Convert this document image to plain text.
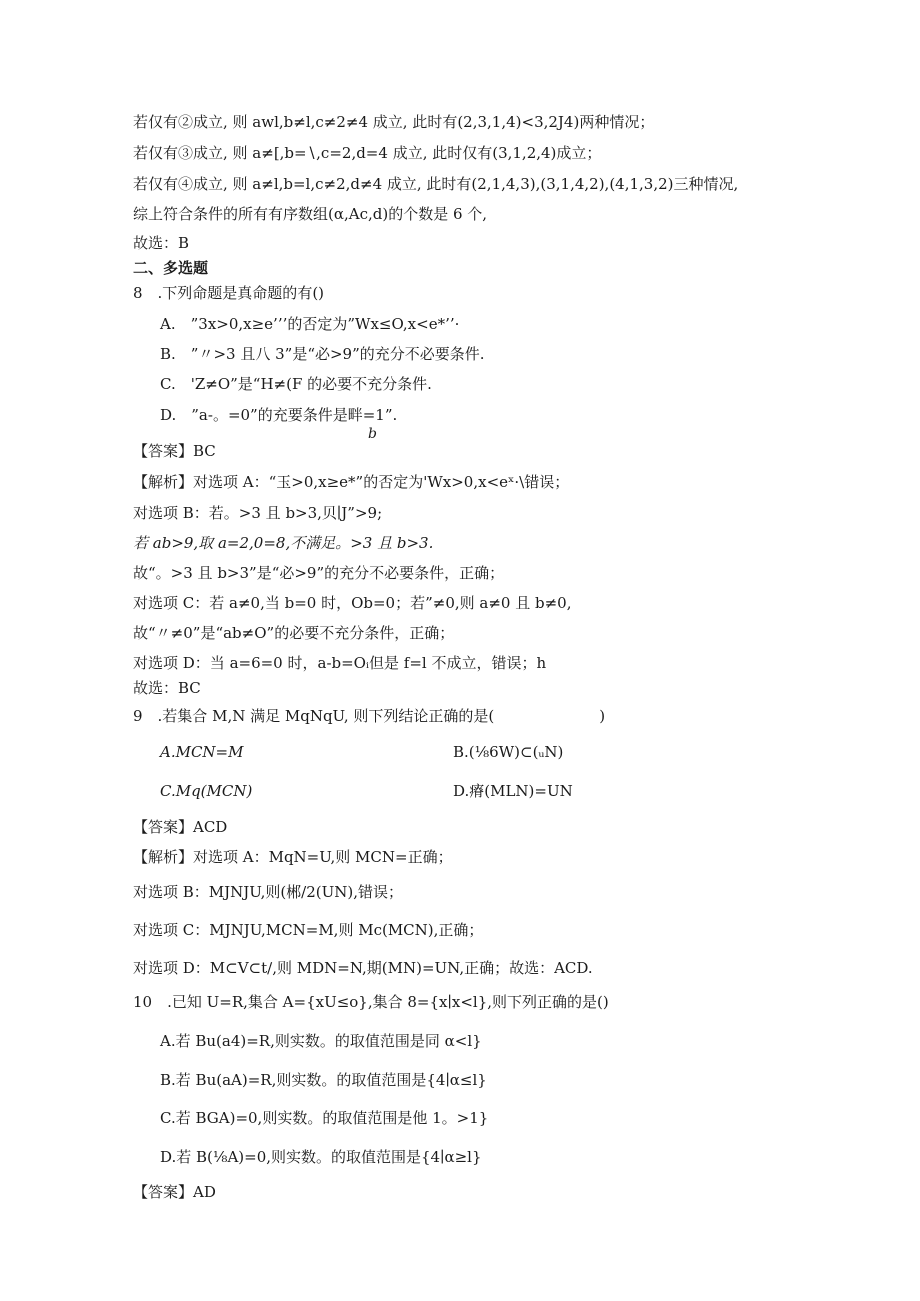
若仅有②成立, 则 awl,b≠l,c≠2≠4 成立, 此时有(2,3,1,4)<3,2J4)两种情况；
若仅有③成立, 则 a≠[,b=∖,c=2,d=4 成立, 此时仅有(3,1,2,4)成立；
若仅有④成立, 则 a≠l,b=l,c≠2,d≠4 成立, 此时有(2,1,4,3),(3,1,4,2),(4,1,3,2)三种情况,
综上符合条件的所有有序数组(α,Ac,d)的个数是 6 个,
故选：B
二、多选题
8　.下列命题是真命题的有()
A.　”3x>0,x≥e’’’的否定为”Wx≤O,x<e*’’·
B.　”〃>3 且八 3”是“必>9”的充分不必要条件.
C.　'Z≠O”是“H≠(F 的必要不充分条件.
D.　”a-。=0”的充要条件是畔=1”.
b
【答案】BC
【解析】对选项 A：“玉>0,x≥e*”的否定为'Wx>0,x<eˣ·\错误；
对选项 B：若。>3 且 b>3,贝∣J”>9;
若 ab>9,取 a=2,0=8,不满足。>3 且 b>3.
故“。>3 且 b>3”是“必>9”的充分不必要条件，正确；
对选项 C：若 a≠0,当 b=0 时，Ob=0；若”≠0,则 a≠0 且 b≠0,
故“〃≠0”是“ab≠O”的必要不充分条件，正确；
对选项 D：当 a=6=0 时，a-b=Oᵢ但是 f=l 不成立，错误；h
故选：BC
9　.若集合 M,N 满足 MqNqU, 则下列结论正确的是(　　　　　　　)
A.MCN=M	B.(⅛6W)⊂(ᵤN)
C.Mq(MCN)	D.瘠(MLN)=UN
【答案】ACD
【解析】对选项 A：MqN=U,则 MCN=正确；
对选项 B：MJNJU,则(郴/2(UN),错误；
对选项 C：MJNJU,MCN=M,则 Mc(MCN),正确；
对选项 D：M⊂V⊂t∕,则 MDN=N,期(MN)=UN,正确；故选：ACD.
10　.已知 U=R,集合 A={xU≤o},集合 8={x∣x<l},则下列正确的是()
A.若 Bu(a4)=R,则实数。的取值范围是同 α<l}
B.若 Bu(aA)=R,则实数。的取值范围是{4∣α≤l}
C.若 BGA)=0,则实数。的取值范围是他 1。>1}
D.若 B(⅛A)=0,则实数。的取值范围是{4∣α≥l}
【答案】AD
